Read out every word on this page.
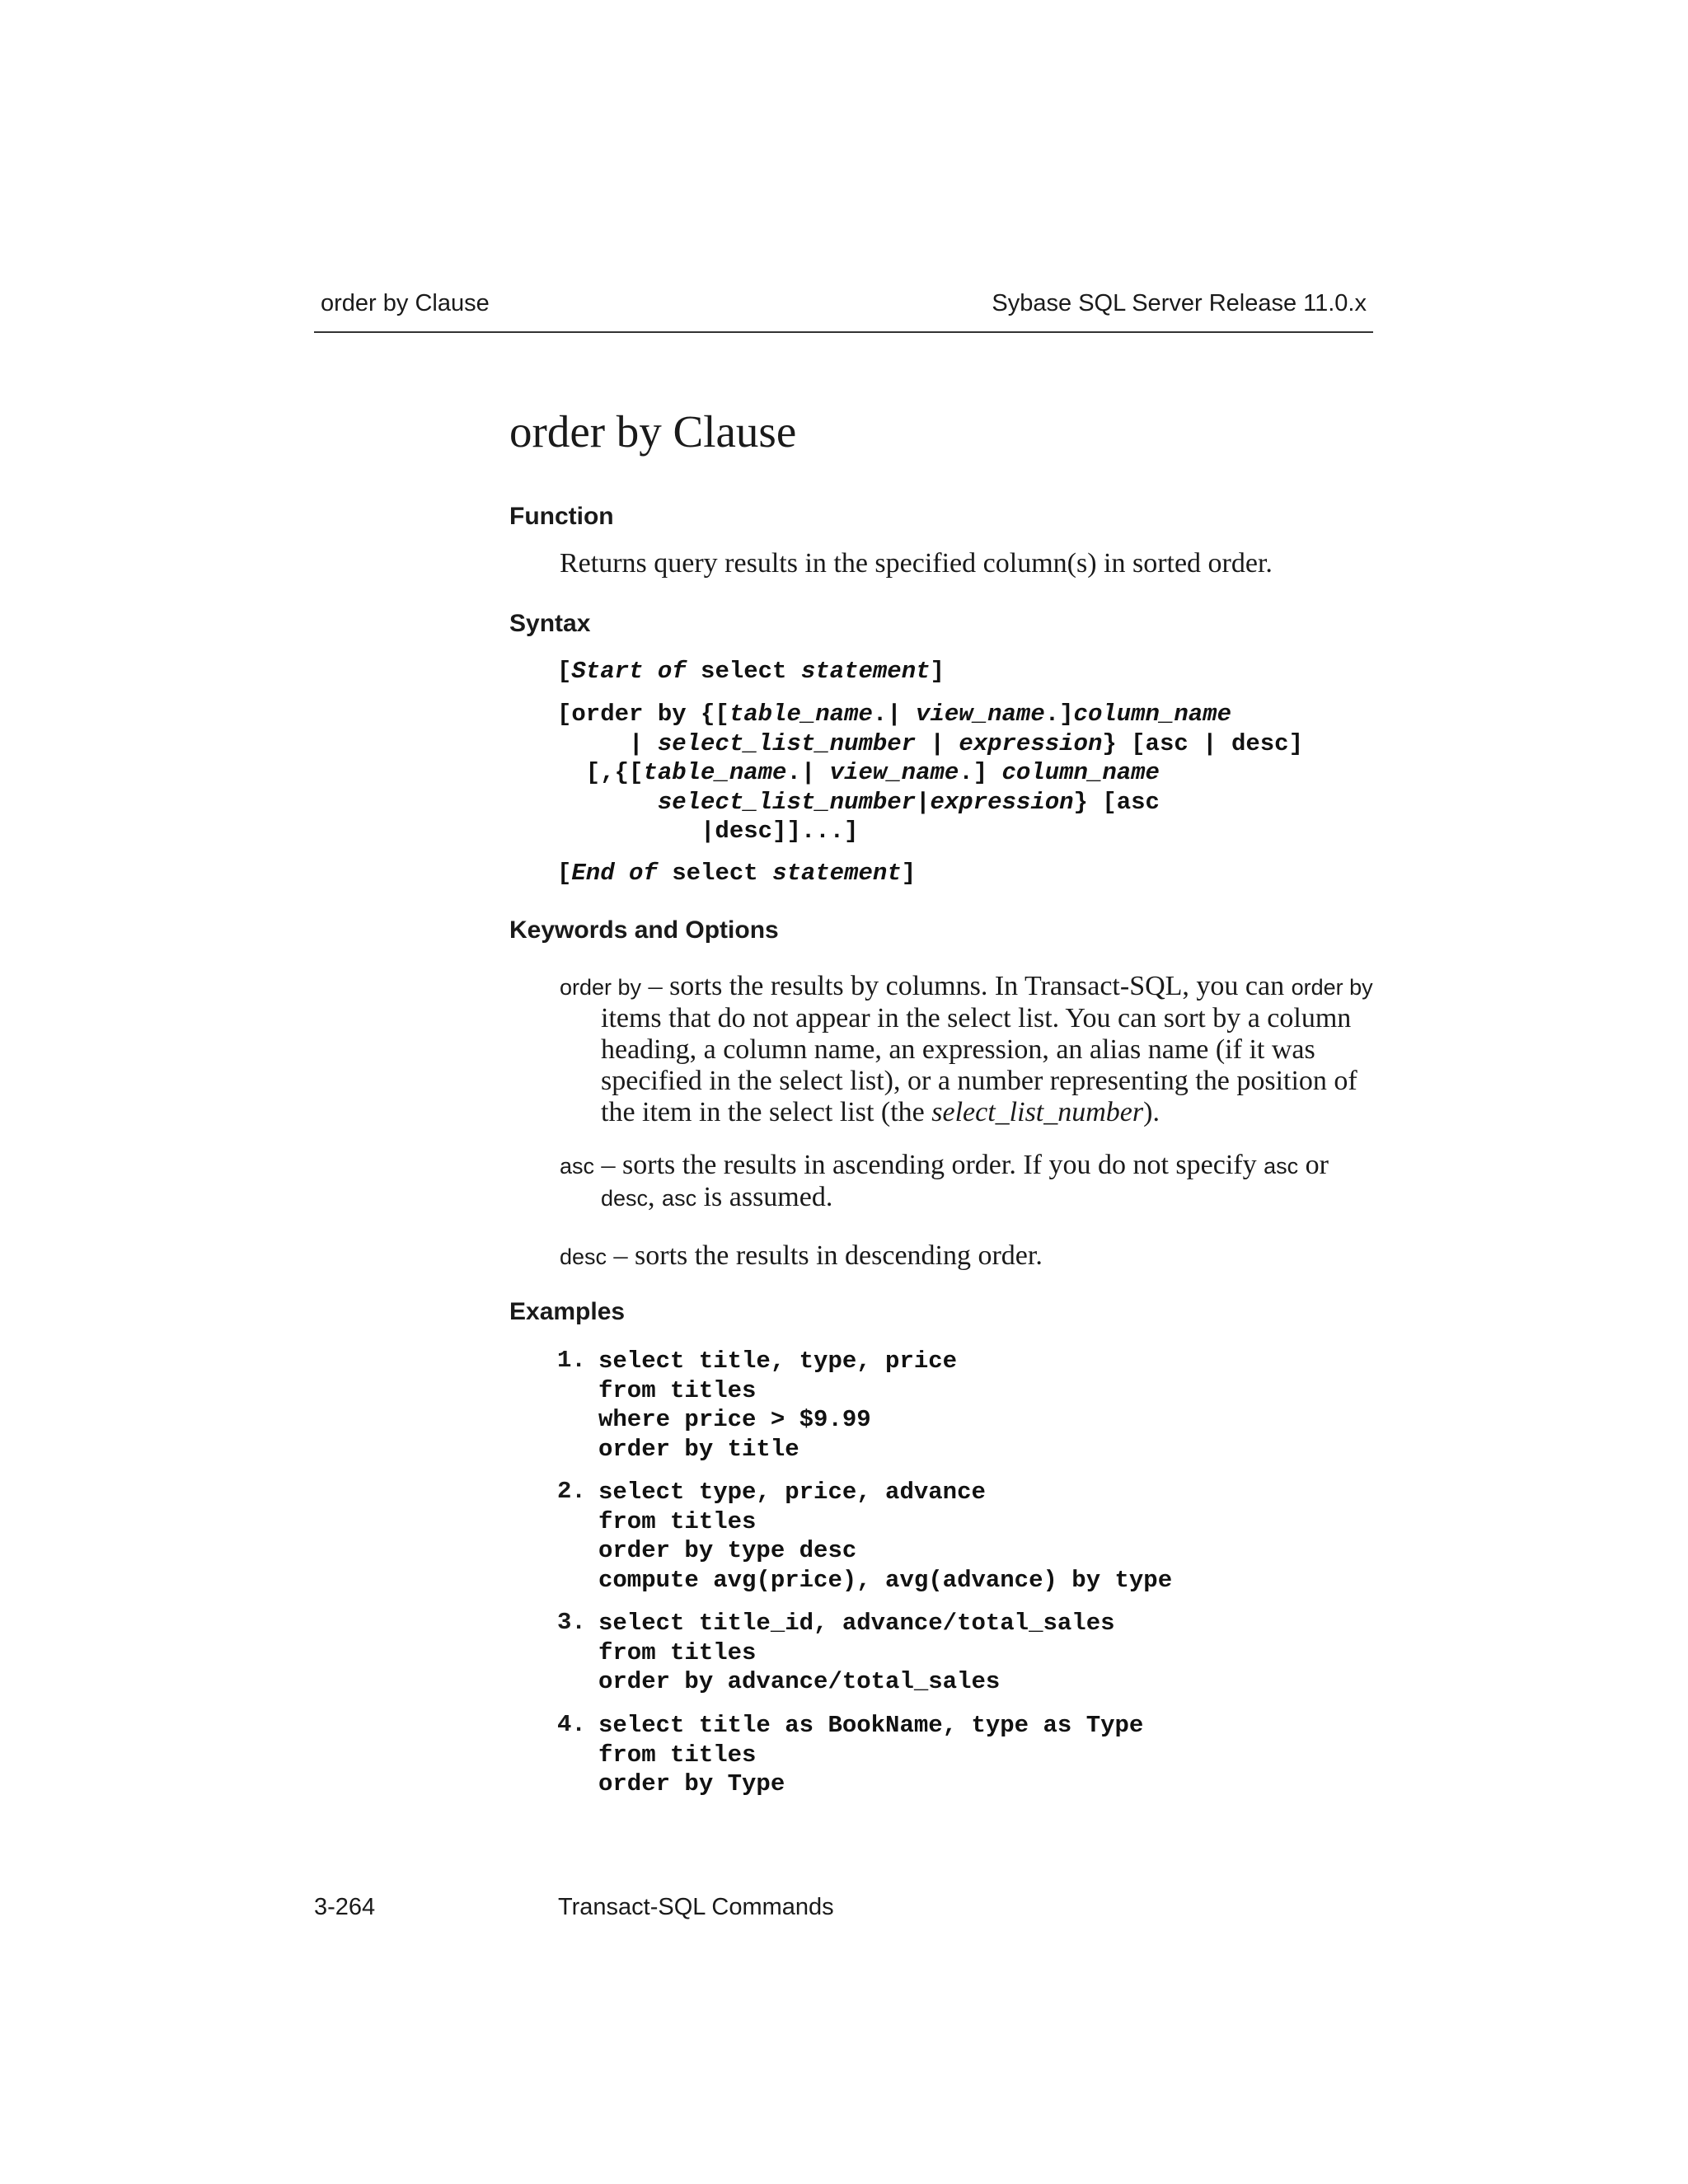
order by Clause	Sybase SQL Server Release 11.0.x
order by Clause
Function
Returns query results in the specified column(s) in sorted order.
Syntax
[Start of select statement]
[order by {[table_name.| view_name.]column_name
| select_list_number | expression} [asc | desc]
[,{[table_name.| view_name.] column_name
select_list_number|expression} [asc
|desc]]...]
[End of select statement]
Keywords and Options

order by – sorts the results by columns. In Transact-SQL, you can order by items that do not appear in the select list. You can sort by a column heading, a column name, an expression, an alias name (if it was specified in the select list), or a number representing the position of the item in the select list (the select_list_number).

asc – sorts the results in ascending order. If you do not specify asc or desc, asc is assumed.

desc – sorts the results in descending order.

Examples
1. select title, type, price
from titles
where price > $9.99
order by title
2. select type, price, advance
from titles
order by type desc
compute avg(price), avg(advance) by type
3. select title_id, advance/total_sales
from titles
order by advance/total_sales
4. select title as BookName, type as Type
from titles
order by Type
3-264	Transact-SQL Commands
